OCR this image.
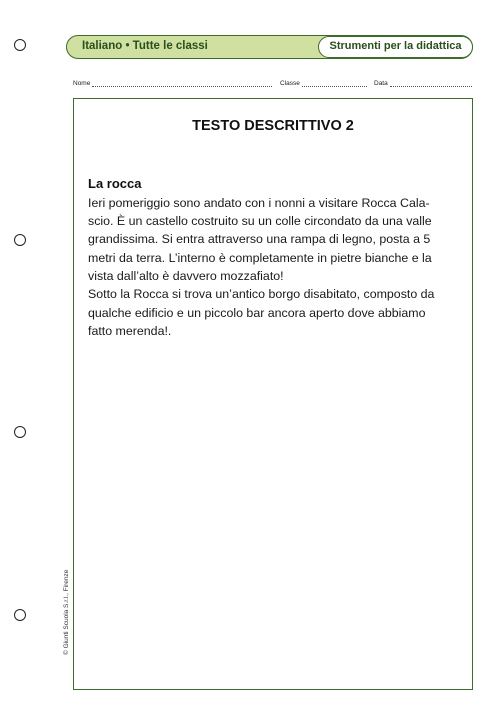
Italiano • Tutte le classi	Strumenti per la didattica
Nome	Classe	Data
TESTO DESCRITTIVO 2
La rocca
Ieri pomeriggio sono andato con i nonni a visitare Rocca Cala-
scio. È un castello costruito su un colle circondato da una valle
grandissima. Si entra attraverso una rampa di legno, posta a 5
metri da terra. L’interno è completamente in pietre bianche e la
vista dall’alto è davvero mozzafiato!
Sotto la Rocca si trova un’antico borgo disabitato, composto da
qualche edificio e un piccolo bar ancora aperto dove abbiamo
fatto merenda!.
© Giunti Scuola S.r.l., Firenze
